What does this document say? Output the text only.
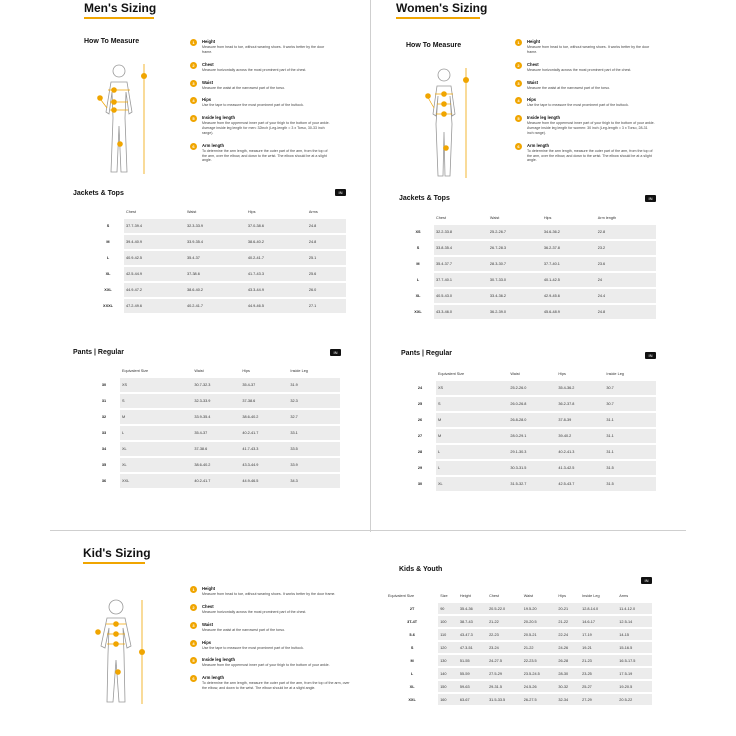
Men's Sizing
How To Measure	1	Height
Measure from head to toe, without wearing shoes. It works better by the door frame.
2	Chest
Measure horizontally across the most prominent part of the chest.
3	Waist
Measure the waist at the narrowest part of the torso.
4	Hips
Use the tape to measure the most prominent part of the buttock.
5	Inside leg length
Measure from the uppermost inner part of your thigh to the bottom of your ankle. Average inside leg length for men: 32inch (Leg-length = 3 x Torso, 30-33 inch range).
6	Arm length
To determine the arm length, measure the outer part of the arm, from the top of the arm, over the elbow, and down to the wrist. The elbow should be at a slight angle.
Jackets & Tops	IN
	Chest	Waist	Hips	Arms
S	37.7-39.4	32.3-33.9	37.0-38.6	24.8
M	39.4-40.9	33.9-35.4	38.6-40.2	24.8
L	40.9-42.5	35.4-37	40.2-41.7	25.1
XL	42.5-44.9	37-38.6	41.7-43.3	25.6
XXL	44.9-47.2	38.6-40.2	43.3-44.9	26.0
XXXL	47.2-49.6	40.2-41.7	44.9-46.5	27.1
Pants | Regular	IN
	Equivalent Size	Waist	Hips	Inside Leg
30	XS	30.7-32.3	35.4-37	31.9
31	S	32.3-33.9	37-38.6	32.3
32	M	33.9-35.4	38.6-40.2	32.7
33	L	35.4-37	40.2-41.7	33.1
34	XL	37-38.6	41.7-43.3	33.5
35	XL	38.6-40.2	43.3-44.9	33.9
36	XXL	40.2-41.7	44.9-46.5	34.3
Women's Sizing
How To Measure	1	Height
Measure from head to toe, without wearing shoes. It works better by the door frame.
2	Chest
Measure horizontally across the most prominent part of the chest.
3	Waist
Measure the waist at the narrowest part of the torso.
4	Hips
Use the tape to measure the most prominent part of the buttock.
5	Inside leg length
Measure from the uppermost inner part of your thigh to the bottom of your ankle. Average inside leg length for women: 30 inch (Leg-length = 3 x Torso, 28-31 inch range).
6	Arm length
To determine the arm length, measure the outer part of the arm, from the top of the arm, over the elbow, and down to the wrist. The elbow should be at a slight angle.
Jackets & Tops	IN
	Chest	Waist	Hips	Arm length
XS	32.2-33.8	25.2-26.7	34.6-36.2	22.8
S	33.8-35.4	26.7-28.3	36.2-37.8	23.2
M	35.4-37.7	28.3-30.7	37.7-40.1	23.6
L	37.7-40.1	30.7-33.0	40.1-42.5	24
XL	40.5-43.0	33.4-36.2	42.9-45.6	24.4
XXL	43.3-46.0	36.2-39.0	45.6-48.9	24.8
Pants | Regular	IN
	Equivalent Size	Waist	Hips	Inside Leg
24	XS	25.2-26.0	35.4-36.2	30.7
25	S	26.0-26.8	36.2-37.8	30.7
26	M	26.8-28.0	37.8-39	31.1
27	M	28.0-29.1	39-40.2	31.1
28	L	29.1-30.3	40.2-41.3	31.1
29	L	30.3-31.5	41.3-42.5	31.5
30	XL	31.5-32.7	42.5-43.7	31.5
Kid's Sizing
1	Height
Measure from head to toe, without wearing shoes. It works better by the door frame.
2	Chest
Measure horizontally across the most prominent part of the chest.
3	Waist
Measure the waist at the narrowest part of the torso.
4	Hips
Use the tape to measure the most prominent part of the buttock.
5	Inside leg length
Measure from the uppermost inner part of your thigh to the bottom of your ankle.
6	Arm length
To determine the arm length, measure the outer part of the arm, from the top of the arm, over the elbow, and down to the wrist. The elbow should be at a slight angle.
Kids & Youth
IN
Equivalent Size	Size	Height	Chest	Waist	Hips	Inside Leg	Arms
2T	90	35.4-36	20.5-22.0	19.5-20	20-21	12.8-14.0	11.4-12.0
3T-4T	100	38.7-43	21-22	20-20.5	21-22	14.6-17	12.5-14
5-6	110	43-47.3	22-23	20.5-21	22-24	17-19	14-15
S	120	47.3-51	23-24	21-22	24-26	19-21	15-16.5
M	130	51-55	24-27.5	22-23.5	26-28	21-23	16.5-17.5
L	140	55-59	27.5-29	23.5-24.5	28-30	23-25	17.5-19
XL	150	59-63	29-31.5	24.5-26	30-32	25-27	19-20.5
XXL	160	63-67	31.5-33.5	26-27.5	32-34	27-29	20.5-22
